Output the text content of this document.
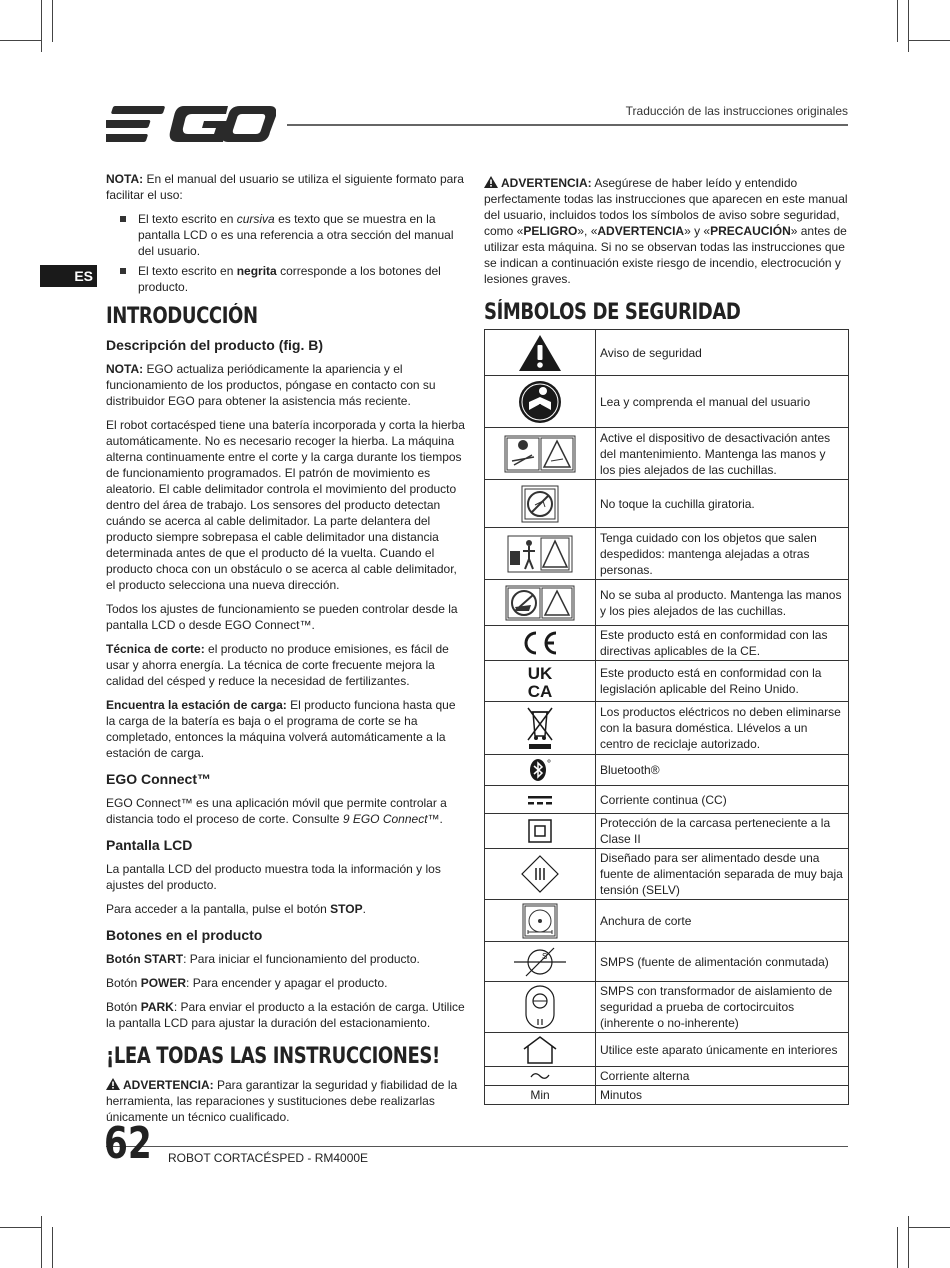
Traducción de las instrucciones originales
ES

NOTA: En el manual del usuario se utiliza el siguiente formato para facilitar el uso:

El texto escrito en cursiva es texto que se muestra en la pantalla LCD o es una referencia a otra sección del manual del usuario.
El texto escrito en negrita corresponde a los botones del producto.
INTRODUCCIÓN
Descripción del producto (fig. B)

NOTA: EGO actualiza periódicamente la apariencia y el funcionamiento de los productos, póngase en contacto con su distribuidor EGO para obtener la asistencia más reciente.

El robot cortacésped tiene una batería incorporada y corta la hierba automáticamente. No es necesario recoger la hierba. La máquina alterna continuamente entre el corte y la carga durante los tiempos de funcionamiento programados. El patrón de movimiento es aleatorio. El cable delimitador controla el movimiento del producto dentro del área de trabajo. Los sensores del producto detectan cuándo se acerca al cable delimitador. La parte delantera del producto siempre sobrepasa el cable delimitador una distancia determinada antes de que el producto dé la vuelta. Cuando el producto choca con un obstáculo o se acerca al cable delimitador, el producto selecciona una nueva dirección.

Todos los ajustes de funcionamiento se pueden controlar desde la pantalla LCD o desde EGO Connect™.

Técnica de corte: el producto no produce emisiones, es fácil de usar y ahorra energía. La técnica de corte frecuente mejora la calidad del césped y reduce la necesidad de fertilizantes.

Encuentra la estación de carga: El producto funciona hasta que la carga de la batería es baja o el programa de corte se ha completado, entonces la máquina volverá automáticamente a la estación de carga.

EGO Connect™

EGO Connect™ es una aplicación móvil que permite controlar a distancia todo el proceso de corte. Consulte 9 EGO Connect™.

Pantalla LCD

La pantalla LCD del producto muestra toda la información y los ajustes del producto.

Para acceder a la pantalla, pulse el botón STOP.

Botones en el producto

Botón START: Para iniciar el funcionamiento del producto.

Botón POWER: Para encender y apagar el producto.

Botón PARK: Para enviar el producto a la estación de carga. Utilice la pantalla LCD para ajustar la duración del estacionamiento.

¡LEA TODAS LAS INSTRUCCIONES!

ADVERTENCIA: Para garantizar la seguridad y fiabilidad de la herramienta, las reparaciones y sustituciones debe realizarlas únicamente un técnico cualificado.

ADVERTENCIA: Asegúrese de haber leído y entendido perfectamente todas las instrucciones que aparecen en este manual del usuario, incluidos todos los símbolos de aviso sobre seguridad, como «PELIGRO», «ADVERTENCIA» y «PRECAUCIÓN» antes de utilizar esta máquina. Si no se observan todas las instrucciones que se indican a continuación existe riesgo de incendio, electrocución y lesiones graves.

SÍMBOLOS DE SEGURIDAD
	Aviso de seguridad

	Lea y comprenda el manual del usuario

	Active el dispositivo de desactivación antes del mantenimiento. Mantenga las manos y los pies alejados de las cuchillas.

	No toque la cuchilla giratoria.

	Tenga cuidado con los objetos que salen despedidos: mantenga alejadas a otras personas.

	No se suba al producto. Mantenga las manos y los pies alejados de las cuchillas.

	Este producto está en conformidad con las directivas aplicables de la CE.

UK
CA	Este producto está en conformidad con la legislación aplicable del Reino Unido.

	Los productos eléctricos no deben eliminarse con la basura doméstica. Llévelos a un centro de reciclaje autorizado.

	Bluetooth®

	Corriente continua (CC)

	Protección de la carcasa perteneciente a la Clase II

	Diseñado para ser alimentado desde una fuente de alimentación separada de muy baja tensión (SELV)

	Anchura de corte

S	SMPS (fuente de alimentación conmutada)

	SMPS con transformador de aislamiento de seguridad a prueba de cortocircuitos (inherente o no-inherente)

	Utilice este aparato únicamente en interiores

	Corriente alterna
Min	Minutos
62 ROBOT CORTACÉSPED - RM4000E
